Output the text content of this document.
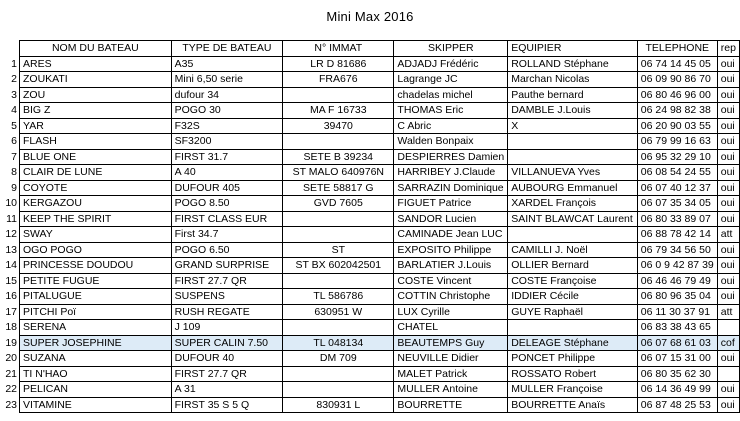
Mini Max 2016
	NOM DU BATEAU	TYPE DE BATEAU	N° IMMAT	SKIPPER	EQUIPIER	TELEPHONE	rep
1	ARES	A35	LR D 81686	ADJADJ Frédéric	ROLLAND Stéphane	06 74 14 45 05	oui
2	ZOUKATI	Mini 6,50 serie	FRA676	Lagrange JC	Marchan Nicolas	06 09 90 86 70	oui
3	ZOU	dufour 34		chadelas michel	Pauthe bernard	06 80 46 96 00	oui
4	BIG Z	POGO 30	MA F 16733	THOMAS Eric	DAMBLE J.Louis	06 24 98 82 38	oui
5	YAR	F32S	39470	C Abric	X	06 20 90 03 55	oui
6	FLASH	SF3200		Walden Bonpaix		06 79 99 16 63	oui
7	BLUE ONE	FIRST 31.7	SETE B 39234	DESPIERRES Damien		06 95 32 29 10	oui
8	CLAIR DE LUNE	A 40	ST MALO 640976N	HARRIBEY J.Claude	VILLANUEVA Yves	06 08 54 24 55	oui
9	COYOTE	DUFOUR 405	SETE 58817 G	SARRAZIN Dominique	AUBOURG Emmanuel	06 07 40 12 37	oui
10	KERGAZOU	POGO 8.50	GVD 7605	FIGUET Patrice	XARDEL François	06 07 35 34 05	oui
11	KEEP THE SPIRIT	FIRST CLASS EUR		SANDOR Lucien	SAINT BLAWCAT Laurent	06 80 33 89 07	oui
12	SWAY	First 34.7		CAMINADE Jean LUC		06 88 78 42 14	att
13	OGO POGO	POGO 6.50	ST	EXPOSITO Philippe	CAMILLI J. Noël	06 79 34 56 50	oui
14	PRINCESSE DOUDOU	GRAND SURPRISE	ST BX 602042501	BARLATIER J.Louis	OLLIER Bernard	06 0 9 42 87 39	oui
15	PETITE FUGUE	FIRST 27.7 QR		COSTE Vincent	COSTE Françoise	06 46 46 79 49	oui
16	PITALUGUE	SUSPENS	TL 586786	COTTIN Christophe	IDDIER Cécile	06 80 96 35 04	oui
17	PITCHI Poï	RUSH REGATE	630951 W	LUX Cyrille	GUYE Raphaël	06 11 30 37 91	att
18	SERENA	J 109		CHATEL		06 83 38 43 65	
19	SUPER JOSEPHINE	SUPER CALIN 7.50	TL 048134	BEAUTEMPS Guy	DELEAGE Stéphane	06 07 68 61 03	cof
20	SUZANA	DUFOUR 40	DM 709	NEUVILLE Didier	PONCET Philippe	06 07 15 31 00	oui
21	TI N'HAO	FIRST 27.7 QR		MALET Patrick	ROSSATO Robert	06 80 35 62 30	
22	PELICAN	A 31		MULLER Antoine	MULLER Françoise	06 14 36 49 99	oui
23	VITAMINE	FIRST 35 S 5 Q	830931 L	BOURRETTE	BOURRETTE Anaïs	06 87 48 25 53	oui
